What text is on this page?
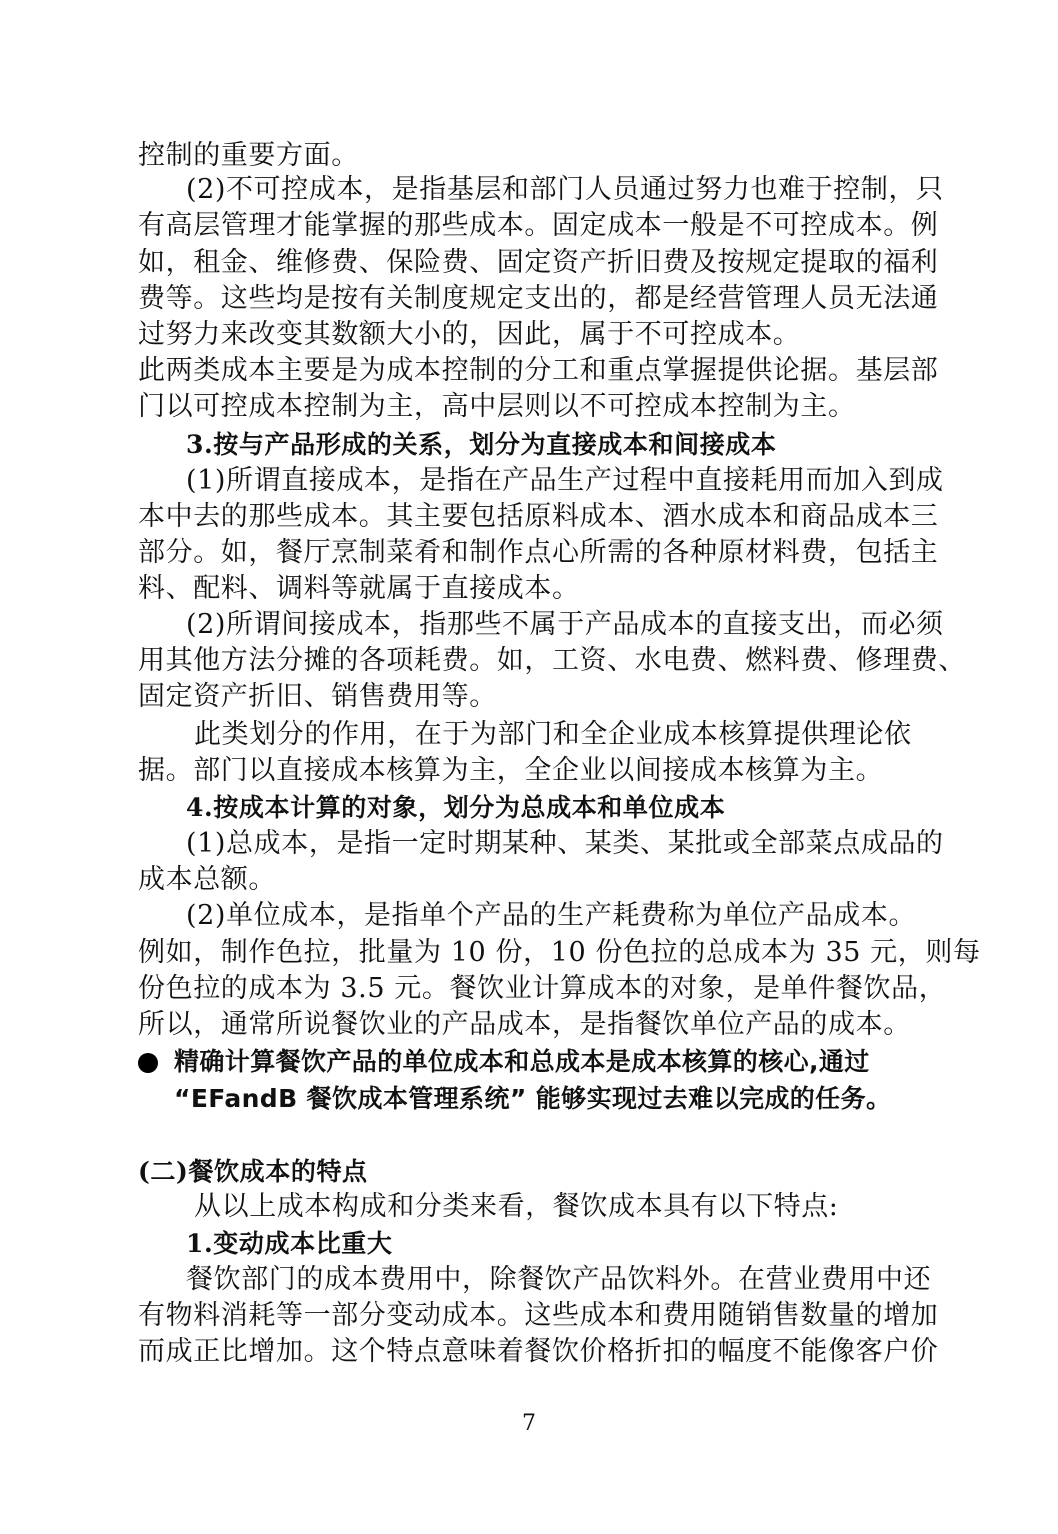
控制的重要方面。
(2)不可控成本，是指基层和部门人员通过努力也难于控制，只
有高层管理才能掌握的那些成本。固定成本一般是不可控成本。例
如，租金、维修费、保险费、固定资产折旧费及按规定提取的福利
费等。这些均是按有关制度规定支出的，都是经营管理人员无法通
过努力来改变其数额大小的，因此，属于不可控成本。
此两类成本主要是为成本控制的分工和重点掌握提供论据。基层部
门以可控成本控制为主，高中层则以不可控成本控制为主。
3.按与产品形成的关系，划分为直接成本和间接成本
(1)所谓直接成本，是指在产品生产过程中直接耗用而加入到成
本中去的那些成本。其主要包括原料成本、酒水成本和商品成本三
部分。如，餐厅烹制菜肴和制作点心所需的各种原材料费，包括主
料、配料、调料等就属于直接成本。
(2)所谓间接成本，指那些不属于产品成本的直接支出，而必须
用其他方法分摊的各项耗费。如，工资、水电费、燃料费、修理费、
固定资产折旧、销售费用等。
此类划分的作用，在于为部门和全企业成本核算提供理论依
据。部门以直接成本核算为主，全企业以间接成本核算为主。
4.按成本计算的对象，划分为总成本和单位成本
(1)总成本，是指一定时期某种、某类、某批或全部菜点成品的
成本总额。
(2)单位成本，是指单个产品的生产耗费称为单位产品成本。
例如，制作色拉，批量为 10 份，10 份色拉的总成本为 35 元，则每
份色拉的成本为 3.5 元。餐饮业计算成本的对象，是单件餐饮品，
所以，通常所说餐饮业的产品成本，是指餐饮单位产品的成本。
精确计算餐饮产品的单位成本和总成本是成本核算的核心,通过
“EFandB 餐饮成本管理系统” 能够实现过去难以完成的任务。
(二)餐饮成本的特点
从以上成本构成和分类来看，餐饮成本具有以下特点:
1.变动成本比重大
餐饮部门的成本费用中，除餐饮产品饮料外。在营业费用中还
有物料消耗等一部分变动成本。这些成本和费用随销售数量的增加
而成正比增加。这个特点意味着餐饮价格折扣的幅度不能像客户价
7
